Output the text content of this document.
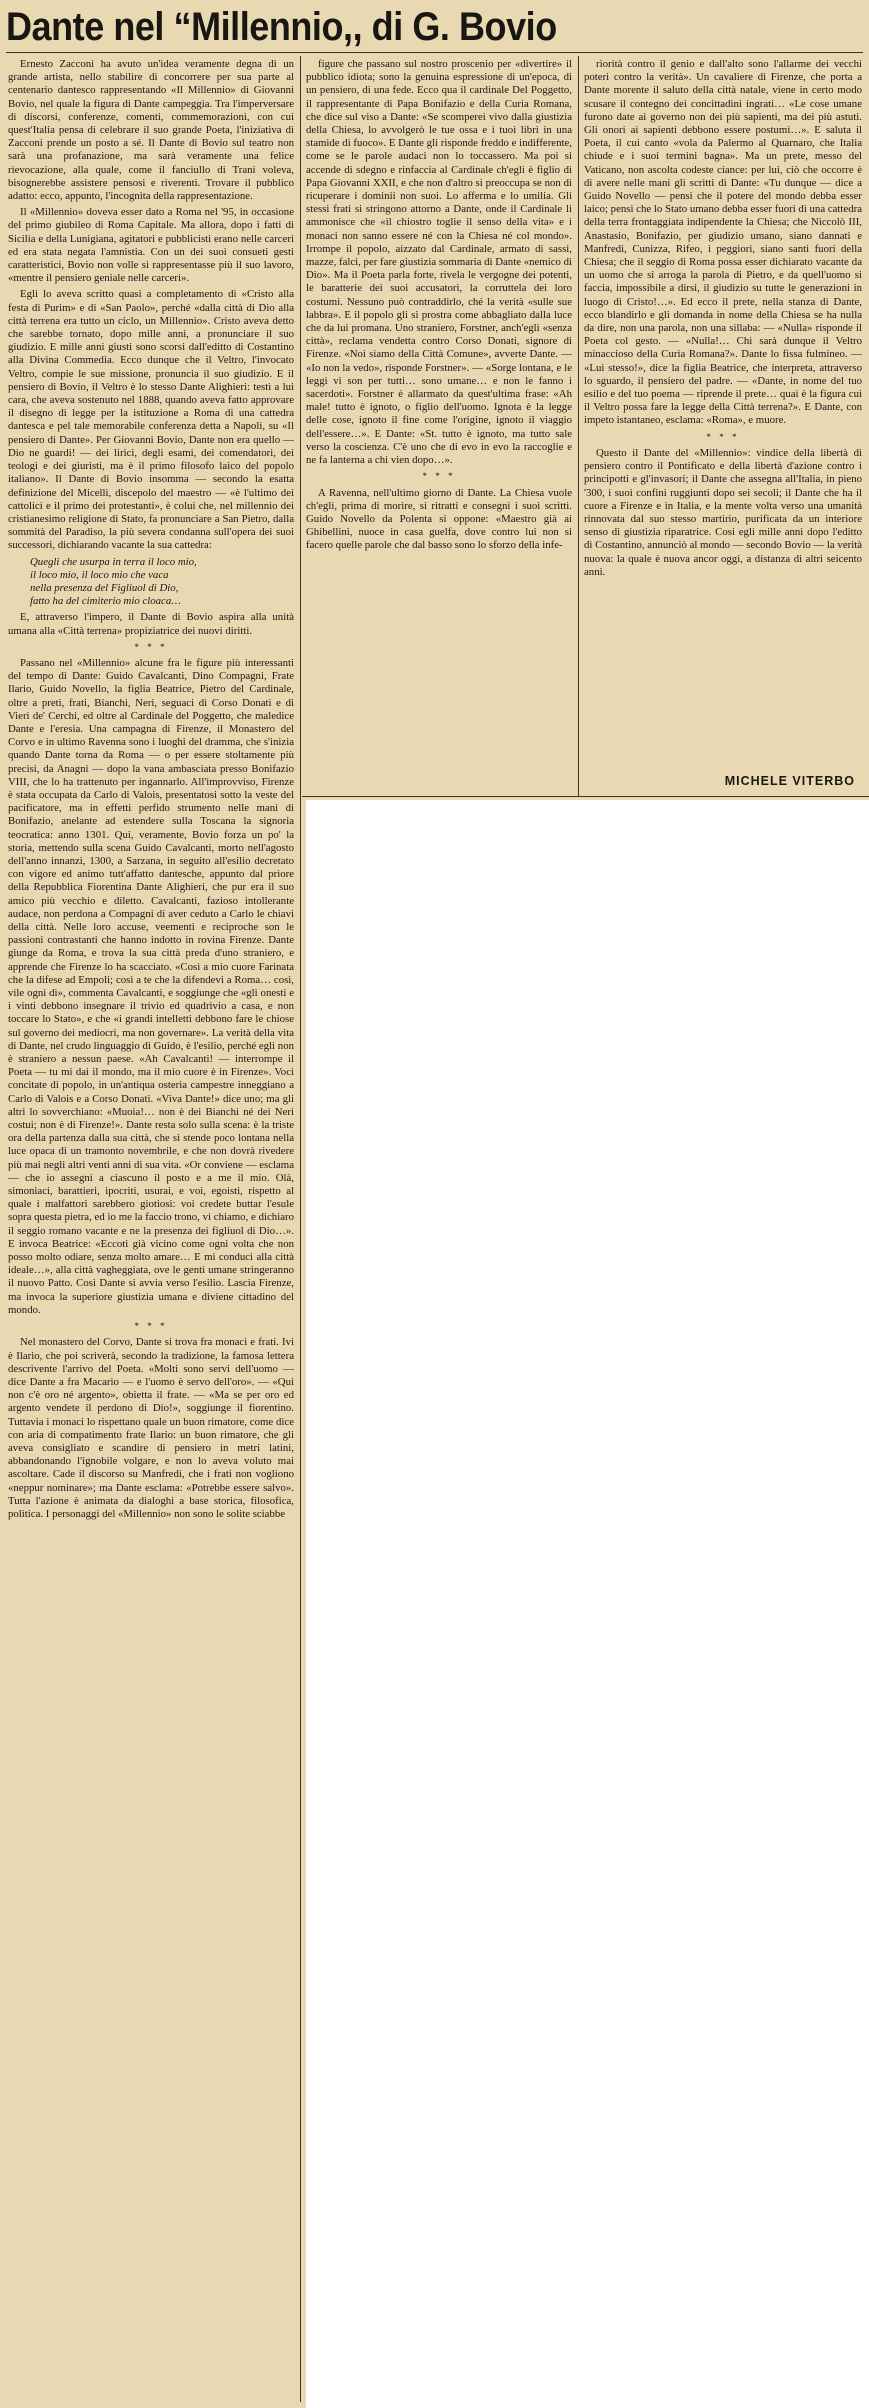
Dante nel “Millennio,, di G. Bovio

Ernesto Zacconi ha avuto un'idea veramente degna di un grande artista, nello stabilire di concorrere per sua parte al centenario dantesco rappresentando «Il Millennio» di Giovanni Bovio, nel quale la figura di Dante campeggia. Tra l'imperversare di discorsi, conferenze, comenti, commemorazioni, con cui quest'Italia pensa di celebrare il suo grande Poeta, l'iniziativa di Zacconi prende un posto a sé. Il Dante di Bovio sul teatro non sarà una profanazione, ma sarà veramente una felice rievocazione, alla quale, come il fanciullo di Trani voleva, bisognerebbe assistere pensosi e riverenti. Trovare il pubblico adatto: ecco, appunto, l'incognita della rappresentazione.

Il «Millennio» doveva esser dato a Roma nel '95, in occasione del primo giubileo di Roma Capitale. Ma allora, dopo i fatti di Sicilia e della Lunigiana, agitatori e pubblicisti erano nelle carceri ed era stata negata l'amnistia. Con un dei suoi consueti gesti caratteristici, Bovio non volle si rappresentasse più il suo lavoro, «mentre il pensiero geniale nelle carceri».

Egli lo aveva scritto quasi a completamento di «Cristo alla festa di Purim» e di «San Paolo», perché «dalla città di Dio alla città terrena era tutto un ciclo, un Millennio». Cristo aveva detto che sarebbe tornato, dopo mille anni, a pronunciare il suo giudizio. E mille anni giusti sono scorsi dall'editto di Costantino alla Divina Commedia. Ecco dunque che il Veltro, l'invocato Veltro, compie le sue missione, pronuncia il suo giudizio. E il pensiero di Bovio, il Veltro è lo stesso Dante Alighieri: testì a lui cara, che aveva sostenuto nel 1888, quando aveva fatto approvare il disegno di legge per la istituzione a Roma di una cattedra dantesca e pel tale memorabile conferenza detta a Napoli, su «Il pensiero di Dante». Per Giovanni Bovio, Dante non era quello — Dio ne guardi! — dei lirici, degli esami, dei comendatori, dei teologi e dei giuristi, ma è il primo filosofo laico del popolo italiano». Il Dante di Bovio insomma — secondo la esatta definizione del Micelli, discepolo del maestro — «è l'ultimo dei cattolici e il primo dei protestanti», è colui che, nel millennio dei cristianesimo religione di Stato, fa pronunciare a San Pietro, dalla sommità del Paradiso, la più severa condanna sull'opera dei suoi successori, dichiarando vacante la sua cattedra:

Quegli che usurpa in terra il loco mio,
il loco mio, il loco mio che vaca
nella presenza del Figliuol di Dio,
fatto ha del cimiterio mio cloaca…

E, attraverso l'impero, il Dante di Bovio aspira alla unità umana alla «Città terrena» propiziatrice dei nuovi diritti.

* * *

Passano nel «Millennio» alcune fra le figure più interessanti del tempo di Dante: Guido Cavalcanti, Dino Compagni, Frate Ilario, Guido Novello, la figlia Beatrice, Pietro del Cardinale, oltre a preti, frati, Bianchi, Neri, seguaci di Corso Donati e di Vieri de' Cerchi, ed oltre al Cardinale del Poggetto, che maledice Dante e l'eresia. Una campagna di Firenze, il Monastero del Corvo e in ultimo Ravenna sono i luoghi del dramma, che s'inizia quando Dante torna da Roma — o per essere stoltamente più precisi, da Anagni — dopo la vana ambasciata presso Bonifazio VIII, che lo ha trattenuto per ingannarlo. All'improvviso, Firenze è stata occupata da Carlo di Valois, presentatosi sotto la veste del pacificatore, ma in effetti perfido strumento nelle mani di Bonifazio, anelante ad estendere sulla Toscana la signoria teocratica: anno 1301. Qui, veramente, Bovio forza un po' la storia, mettendo sulla scena Guido Cavalcanti, morto nell'agosto dell'anno innanzi, 1300, a Sarzana, in seguito all'esilio decretato con vigore ed animo tutt'affatto dantesche, appunto dal priore della Repubblica Fiorentina Dante Alighieri, che pur era il suo amico più vecchio e diletto. Cavalcanti, fazioso intollerante audace, non perdona a Compagni di aver ceduto a Carlo le chiavi della città. Nelle loro accuse, veementi e reciproche son le passioni contrastanti che hanno indotto in rovina Firenze. Dante giunge da Roma, e trova la sua città preda d'uno straniero, e apprende che Firenze lo ha scacciato. «Così a mio cuore Farinata che la difese ad Empoli; così a te che la difendevi a Roma… così, vile ogni dì», commenta Cavalcanti, e soggiunge che «gli onesti e i vinti debbono insegnare il trivio ed quadrivio a casa, e non toccare lo Stato», e che «i grandi intelletti debbono fare le chiose sul governo dei mediocri, ma non governare». La verità della vita di Dante, nel crudo linguaggio di Guido, è l'esilio, perché egli non è straniero a nessun paese. «Ah Cavalcanti! — interrompe il Poeta — tu mi dai il mondo, ma il mio cuore è in Firenze». Voci concitate di popolo, in un'antiqua osteria campestre inneggiano a Carlo di Valois e a Corso Donati. «Viva Dante!» dice uno; ma gli altri lo sovverchiano: «Muoia!… non è dei Bianchi né dei Neri costui; non è di Firenze!». Dante resta solo sulla scena: è la triste ora della partenza dalla sua città, che si stende poco lontana nella luce opaca di un tramonto novembrile, e che non dovrà rivedere più mai negli altri venti anni di sua vita. «Or conviene — esclama — che io assegni a ciascuno il posto e a me il mio. Olà, simoniaci, barattieri, ipocriti, usurai, e voi, egoisti, rispetto al quale i malfattori sarebbero giotiosi: voi credete buttar l'esule sopra questa pietra, ed io me la faccio trono, vi chiamo, e dichiaro il seggio romano vacante e ne la presenza dei figliuol di Dio…». E invoca Beatrice: «Eccoti già vicino come ogni volta che non posso molto odiare, senza molto amare… E mi conduci alla città ideale…», alla città vagheggiata, ove le genti umane stringeranno il nuovo Patto. Così Dante si avvia verso l'esilio. Lascia Firenze, ma invoca la superiore giustizia umana e diviene cittadino del mondo.

* * *

Nel monastero del Corvo, Dante si trova fra monaci e frati. Ivi è Ilario, che poi scriverà, secondo la tradizione, la famosa lettera descrivente l'arrivo del Poeta. «Molti sono servi dell'uomo — dice Dante a fra Macario — e l'uomo è servo dell'oro». — «Qui non c'è oro né argento», obietta il frate. — «Ma se per oro ed argento vendete il perdono di Dio!», soggiunge il fiorentino. Tuttavia i monaci lo rispettano quale un buon rimatore, come dice con aria di compatimento frate Ilario: un buon rimatore, che gli aveva consigliato e scandire di pensiero in metri latini, abbandonando l'ignobile volgare, e non lo aveva voluto mai ascoltare. Cade il discorso su Manfredi, che i frati non vogliono «neppur nominare»; ma Dante esclama: «Potrebbe essere salvo». Tutta l'azione è animata da dialoghi a base storica, filosofica, politica. I personaggi del «Millennio» non sono le solite sciabbe

figure che passano sul nostro proscenio per «divertire» il pubblico idiota; sono la genuina espressione di un'epoca, di un pensiero, di una fede. Ecco qua il cardinale Del Poggetto, il rappresentante di Papa Bonifazio e della Curia Romana, che dice sul viso a Dante: «Se scomperei vivo dalla giustizia della Chiesa, lo avvolgerò le tue ossa e i tuoi libri in una stamide di fuoco». E Dante gli risponde freddo e indifferente, come se le parole audaci non lo toccassero. Ma poi si accende di sdegno e rinfaccia al Cardinale ch'egli è figlio di Papa Giovanni XXII, e che non d'altro si preoccupa se non di ricuperare i dominii non suoi. Lo afferma e lo umilia. Gli stessi frati si stringono attorno a Dante, onde il Cardinale li ammonisce che «il chiostro toglie il senso della vita» e i monaci non sanno essere né con la Chiesa né col mondo». Irrompe il popolo, aizzato dal Cardinale, armato di sassi, mazze, falci, per fare giustizia sommaria di Dante «nemico di Dio». Ma il Poeta parla forte, rivela le vergogne dei potenti, le baratterie dei suoi accusatori, la corruttela dei loro costumi. Nessuno può contraddirlo, ché la verità «sulle sue labbra». E il popolo gli si prostra come abbagliato dalla luce che da lui promana. Uno straniero, Forstner, anch'egli «senza città», reclama vendetta contro Corso Donati, signore di Firenze. «Noi siamo della Città Comune», avverte Dante. — «Io non la vedo», risponde Forstner». — «Sorge lontana, e le leggi vi son per tutti… sono umane… e non le fanno i sacerdoti». Forstner è allarmato da quest'ultima frase: «Ah male! tutto è ignoto, o figlio dell'uomo. Ignota è la legge delle cose, ignoto il fine come l'origine, ignoto il viaggio dell'essere…». E Dante: «St. tutto è ignoto, ma tutto sale verso la coscienza. C'è uno che di evo in evo la raccoglie e ne fa lanterna a chi vien dopo…».

* * *

A Ravenna, nell'ultimo giorno di Dante. La Chiesa vuole ch'egli, prima di morire, si ritratti e consegni i suoi scritti. Guido Novello da Polenta si oppone: «Maestro già ai Ghibellini, nuoce in casa guelfa, dove contro lui non si facero quelle parole che dal basso sono lo sforzo della infe-

riorità contro il genio e dall'alto sono l'allarme dei vecchi poteri contro la verità». Un cavaliere di Firenze, che porta a Dante morente il saluto della città natale, viene in certo modo scusare il contegno dei concittadini ingrati… «Le cose umane furono date ai governo non dei più sapienti, ma dei più astuti. Gli onori ai sapienti debbono essere postumi…». E saluta il Poeta, il cui canto «vola da Palermo al Quarnaro, che Italia chiude e i suoi termini bagna». Ma un prete, messo del Vaticano, non ascolta codeste ciance: per lui, ciò che occorre è di avere nelle mani gli scritti di Dante: «Tu dunque — dice a Guido Novello — pensi che il potere del mondo debba esser laico; pensi che lo Stato umano debba esser fuori di una cattedra della terra frontaggiata indipendente la Chiesa; che Niccolò III, Anastasio, Bonifazio, per giudizio umano, siano dannati e Manfredi, Cunizza, Rifeo, i peggiori, siano santi fuori della Chiesa; che il seggio di Roma possa esser dichiarato vacante da un uomo che si arroga la parola di Pietro, e da quell'uomo si faccia, impossibile a dirsi, il giudizio su tutte le generazioni in luogo di Cristo!…». Ed ecco il prete, nella stanza di Dante, ecco blandirlo e gli domanda in nome della Chiesa se ha nulla da dire, non una parola, non una sillaba: — «Nulla» risponde il Poeta col gesto. — «Nulla!… Chi sarà dunque il Veltro minaccioso della Curia Romana?». Dante lo fissa fulmineo. — «Lui stesso!», dice la figlia Beatrice, che interpreta, attraverso lo sguardo, il pensiero del padre. — «Dante, in nome del tuo esilio e del tuo poema — riprende il prete… quai è la figura cui il Veltro possa fare la legge della Città terrena?». E Dante, con impeto istantaneo, esclama: «Roma», e muore.

* * *

Questo il Dante del «Millennio»: vindice della libertà di pensiero contro il Pontificato e della libertà d'azione contro i principotti e gl'invasori; il Dante che assegna all'Italia, in pieno '300, i suoi confini ruggiunti dopo sei secoli; il Dante che ha il cuore a Firenze e in Italia, e la mente volta verso una umanità rinnovata dal suo stesso martirio, purificata da un interiore senso di giustizia riparatrice. Cosi egli mille anni dopo l'editto di Costantino, annunciò al mondo — secondo Bovio — la verità nuova: la quale è nuova ancor oggi, a distanza di altri seicento anni.

MICHELE VITERBO
